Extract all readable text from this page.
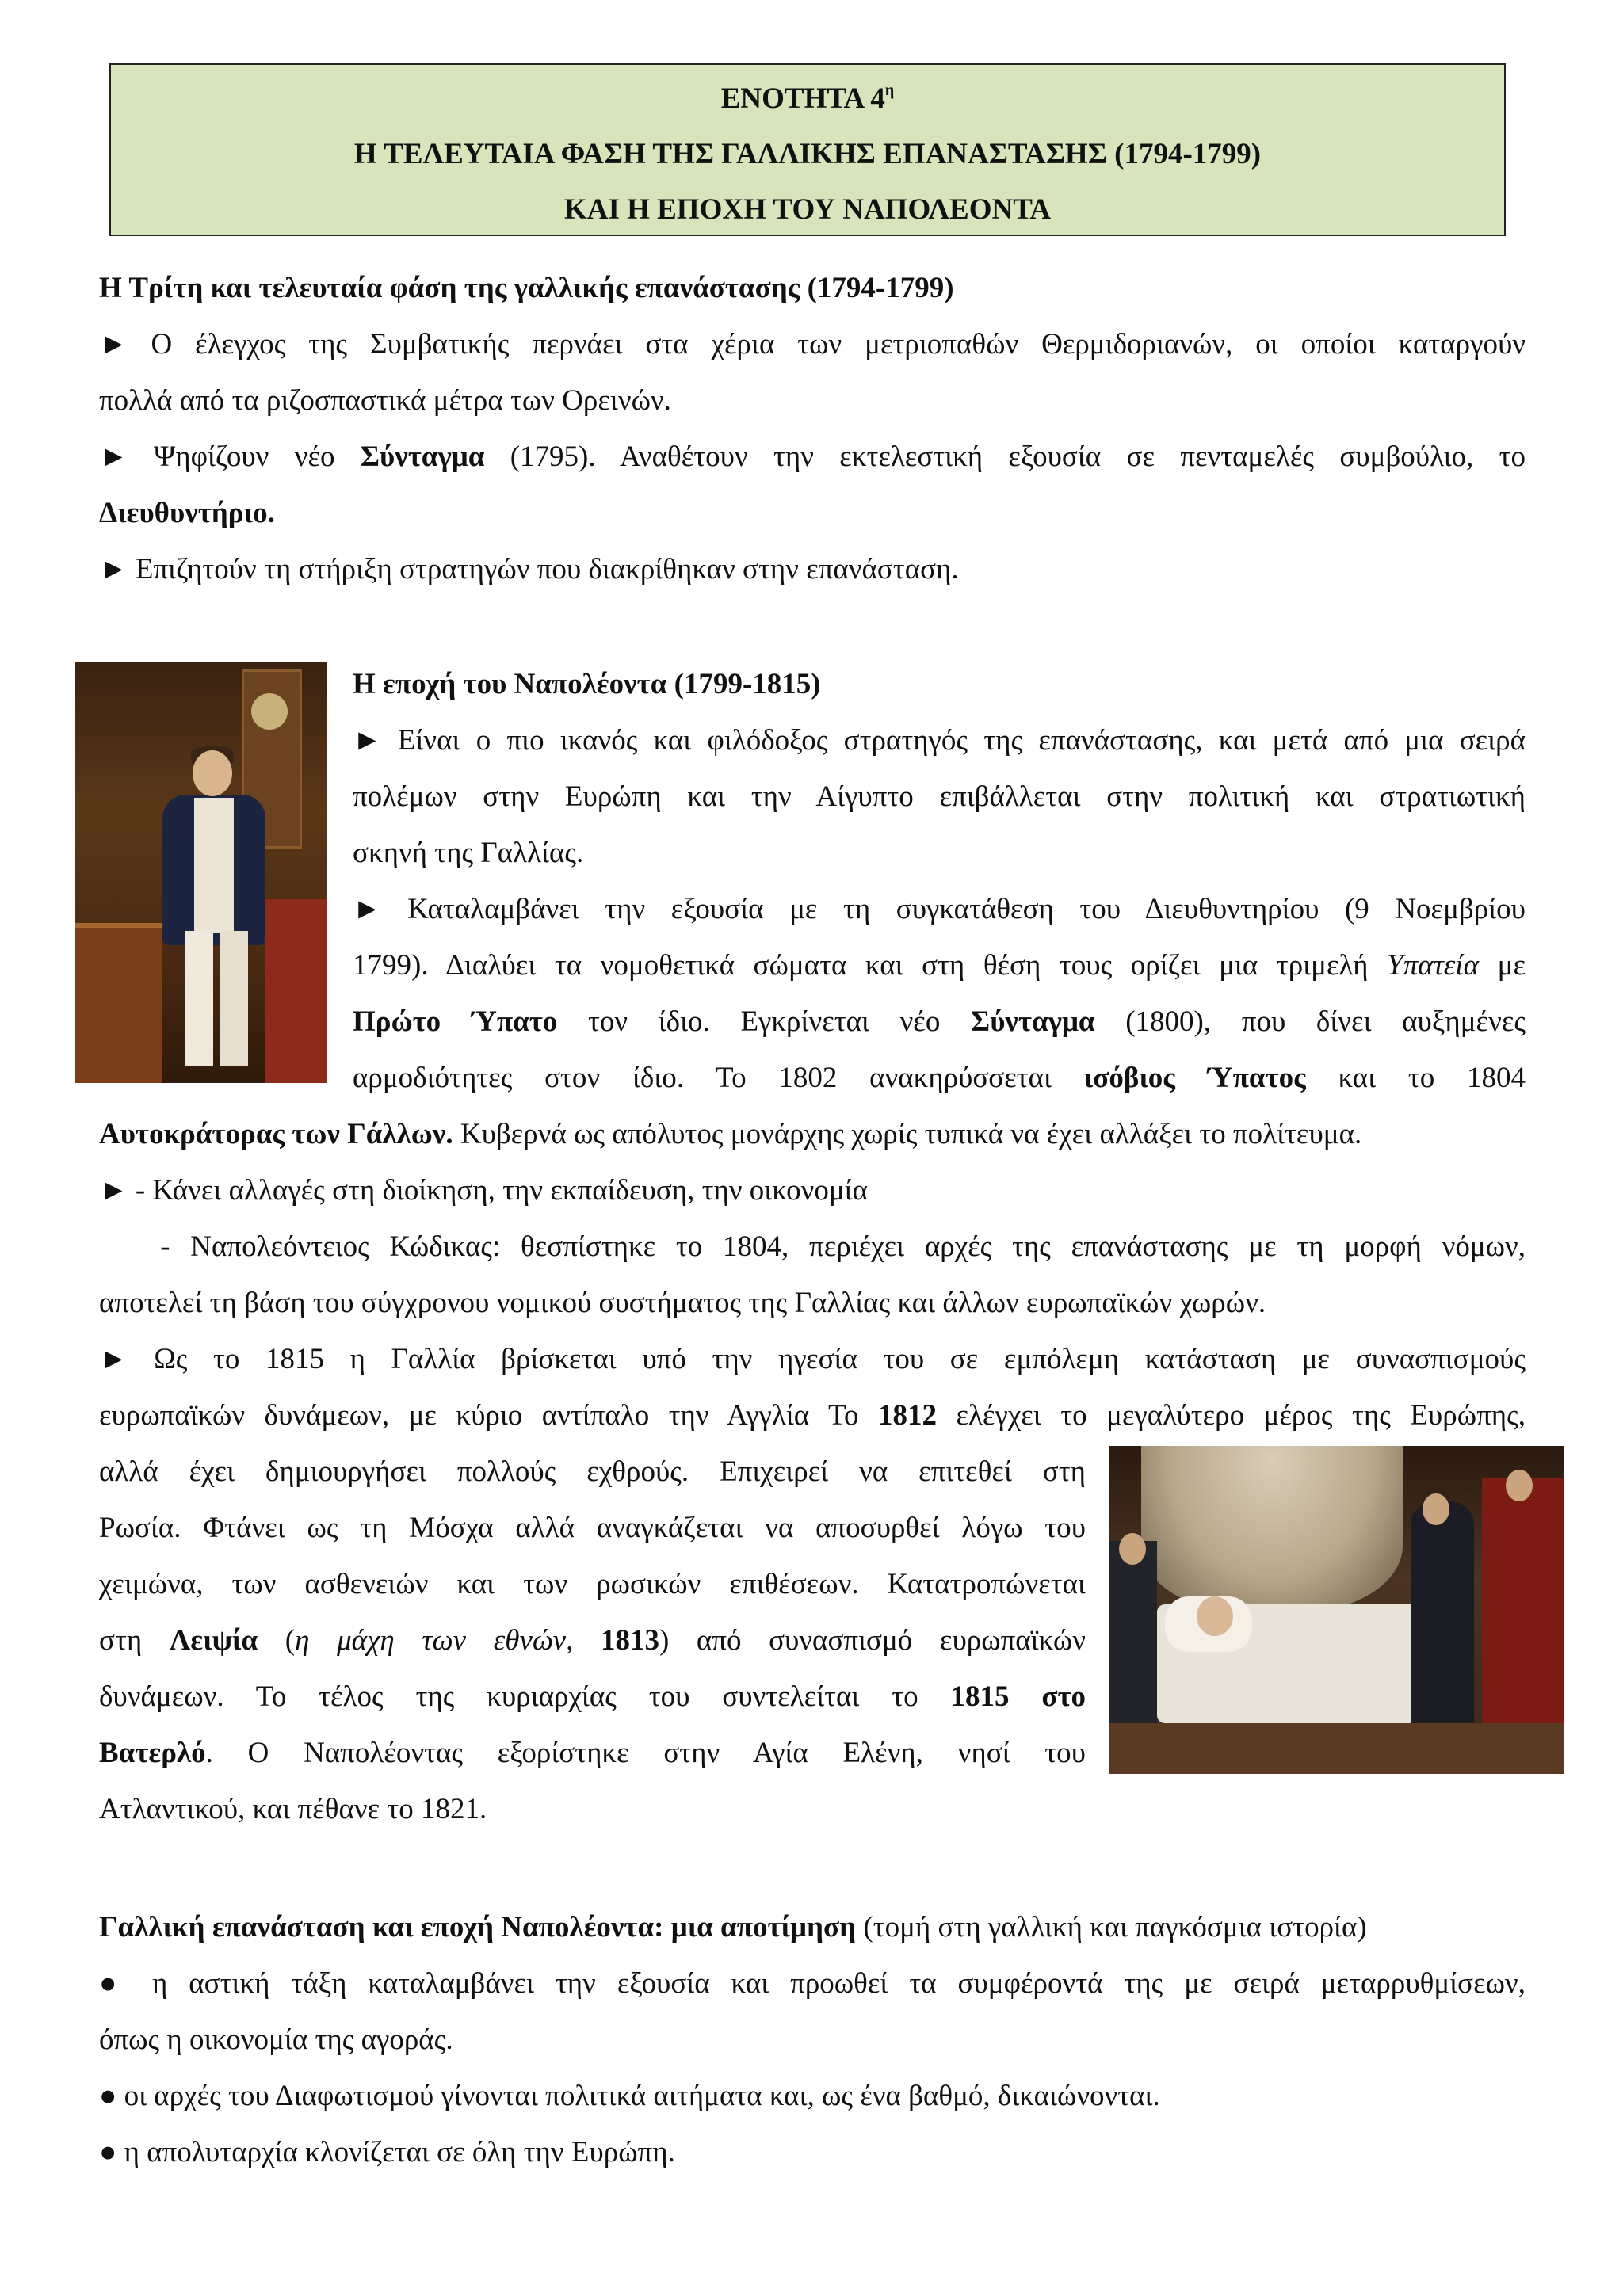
ΕΝΟΤΗΤΑ $4^\eta$
Η ΤΕΛΕΥΤΑΙΑ ΦΑΣΗ ΤΗΣ ΓΑΛΛΙΚΗΣ ΕΠΑΝΑΣΤΑΣΗΣ (1794-1799)
ΚΑΙ Η ΕΠΟΧΗ ΤΟΥ ΝΑΠΟΛΕΟΝΤΑ
Η Τρίτη και τελευταία φάση της γαλλικής επανάστασης (1794-1799)
► Ο έλεγχος της Συμβατικής περνάει στα χέρια των μετριοπαθών Θερμιδοριανών, οι οποίοι καταργούν
πολλά από τα ριζοσπαστικά μέτρα των Ορεινών.
► Ψηφίζουν νέο Σύνταγμα (1795). Αναθέτουν την εκτελεστική εξουσία σε πενταμελές συμβούλιο, το
Διευθυντήριο.
► Επιζητούν τη στήριξη στρατηγών που διακρίθηκαν στην επανάσταση.
Η εποχή του Ναπολέοντα (1799-1815)
► Είναι ο πιο ικανός και φιλόδοξος στρατηγός της επανάστασης, και μετά από μια σειρά
πολέμων στην Ευρώπη και την Αίγυπτο επιβάλλεται στην πολιτική και στρατιωτική
σκηνή της Γαλλίας.
► Καταλαμβάνει την εξουσία με τη συγκατάθεση του Διευθυντηρίου (9 Νοεμβρίου
1799). Διαλύει τα νομοθετικά σώματα και στη θέση τους ορίζει μια τριμελή Υπατεία με
Πρώτο Ύπατο τον ίδιο. Εγκρίνεται νέο Σύνταγμα (1800), που δίνει αυξημένες
αρμοδιότητες στον ίδιο. Το 1802 ανακηρύσσεται ισόβιος Ύπατος και το 1804
Αυτοκράτορας των Γάλλων. Κυβερνά ως απόλυτος μονάρχης χωρίς τυπικά να έχει αλλάξει το πολίτευμα.
► - Κάνει αλλαγές στη διοίκηση, την εκπαίδευση, την οικονομία
- Ναπολεόντειος Κώδικας: θεσπίστηκε το 1804, περιέχει αρχές της επανάστασης με τη μορφή νόμων,
αποτελεί τη βάση του σύγχρονου νομικού συστήματος της Γαλλίας και άλλων ευρωπαϊκών χωρών.
► Ως το 1815 η Γαλλία βρίσκεται υπό την ηγεσία του σε εμπόλεμη κατάσταση με συνασπισμούς
ευρωπαϊκών δυνάμεων, με κύριο αντίπαλο την Αγγλία Το 1812 ελέγχει το μεγαλύτερο μέρος της Ευρώπης,
αλλά έχει δημιουργήσει πολλούς εχθρούς. Επιχειρεί να επιτεθεί στη
Ρωσία. Φτάνει ως τη Μόσχα αλλά αναγκάζεται να αποσυρθεί λόγω του
χειμώνα, των ασθενειών και των ρωσικών επιθέσεων. Κατατροπώνεται
στη Λειψία (η μάχη των εθνών, 1813) από συνασπισμό ευρωπαϊκών
δυνάμεων. Το τέλος της κυριαρχίας του συντελείται το 1815 στο
Βατερλό. Ο Ναπολέοντας εξορίστηκε στην Αγία Ελένη, νησί του
Ατλαντικού, και πέθανε το 1821.
Γαλλική επανάσταση και εποχή Ναπολέοντα: μια αποτίμηση (τομή στη γαλλική και παγκόσμια ιστορία)
● η αστική τάξη καταλαμβάνει την εξουσία και προωθεί τα συμφέροντά της με σειρά μεταρρυθμίσεων,
όπως η οικονομία της αγοράς.
● οι αρχές του Διαφωτισμού γίνονται πολιτικά αιτήματα και, ως ένα βαθμό, δικαιώνονται.
● η απολυταρχία κλονίζεται σε όλη την Ευρώπη.
